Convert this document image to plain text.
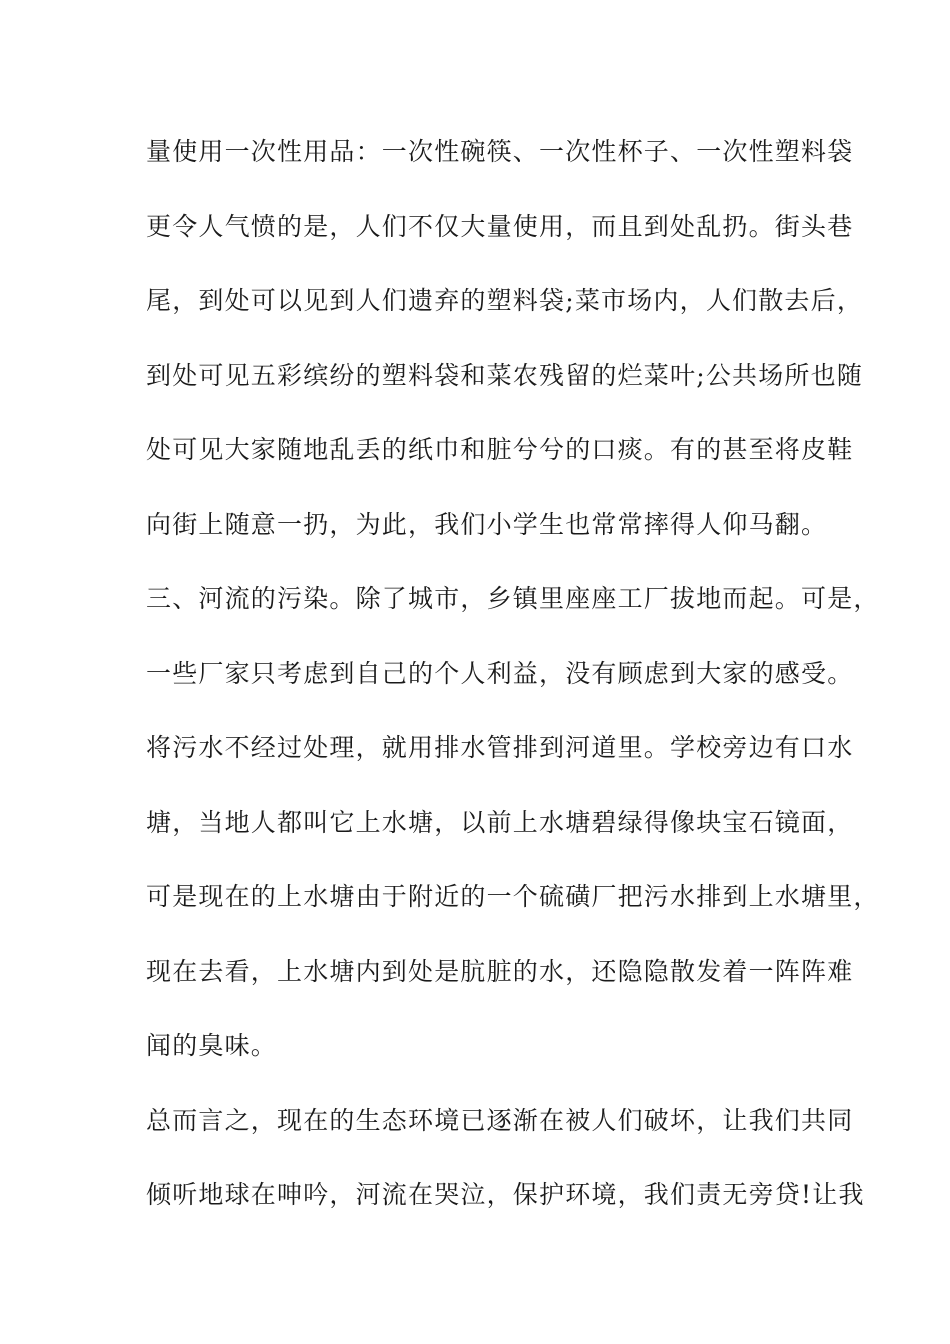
量使用一次性用品：一次性碗筷、一次性杯子、一次性塑料袋
更令人气愤的是，人们不仅大量使用，而且到处乱扔。街头巷
尾，到处可以见到人们遗弃的塑料袋;菜市场内，人们散去后，
到处可见五彩缤纷的塑料袋和菜农残留的烂菜叶;公共场所也随
处可见大家随地乱丢的纸巾和脏兮兮的口痰。有的甚至将皮鞋
向街上随意一扔，为此，我们小学生也常常摔得人仰马翻。
三、河流的污染。除了城市，乡镇里座座工厂拔地而起。可是，
一些厂家只考虑到自己的个人利益，没有顾虑到大家的感受。
将污水不经过处理，就用排水管排到河道里。学校旁边有口水
塘，当地人都叫它上水塘，以前上水塘碧绿得像块宝石镜面，
可是现在的上水塘由于附近的一个硫磺厂把污水排到上水塘里，
现在去看，上水塘内到处是肮脏的水，还隐隐散发着一阵阵难
闻的臭味。
总而言之，现在的生态环境已逐渐在被人们破坏，让我们共同
倾听地球在呻吟，河流在哭泣，保护环境，我们责无旁贷!让我
